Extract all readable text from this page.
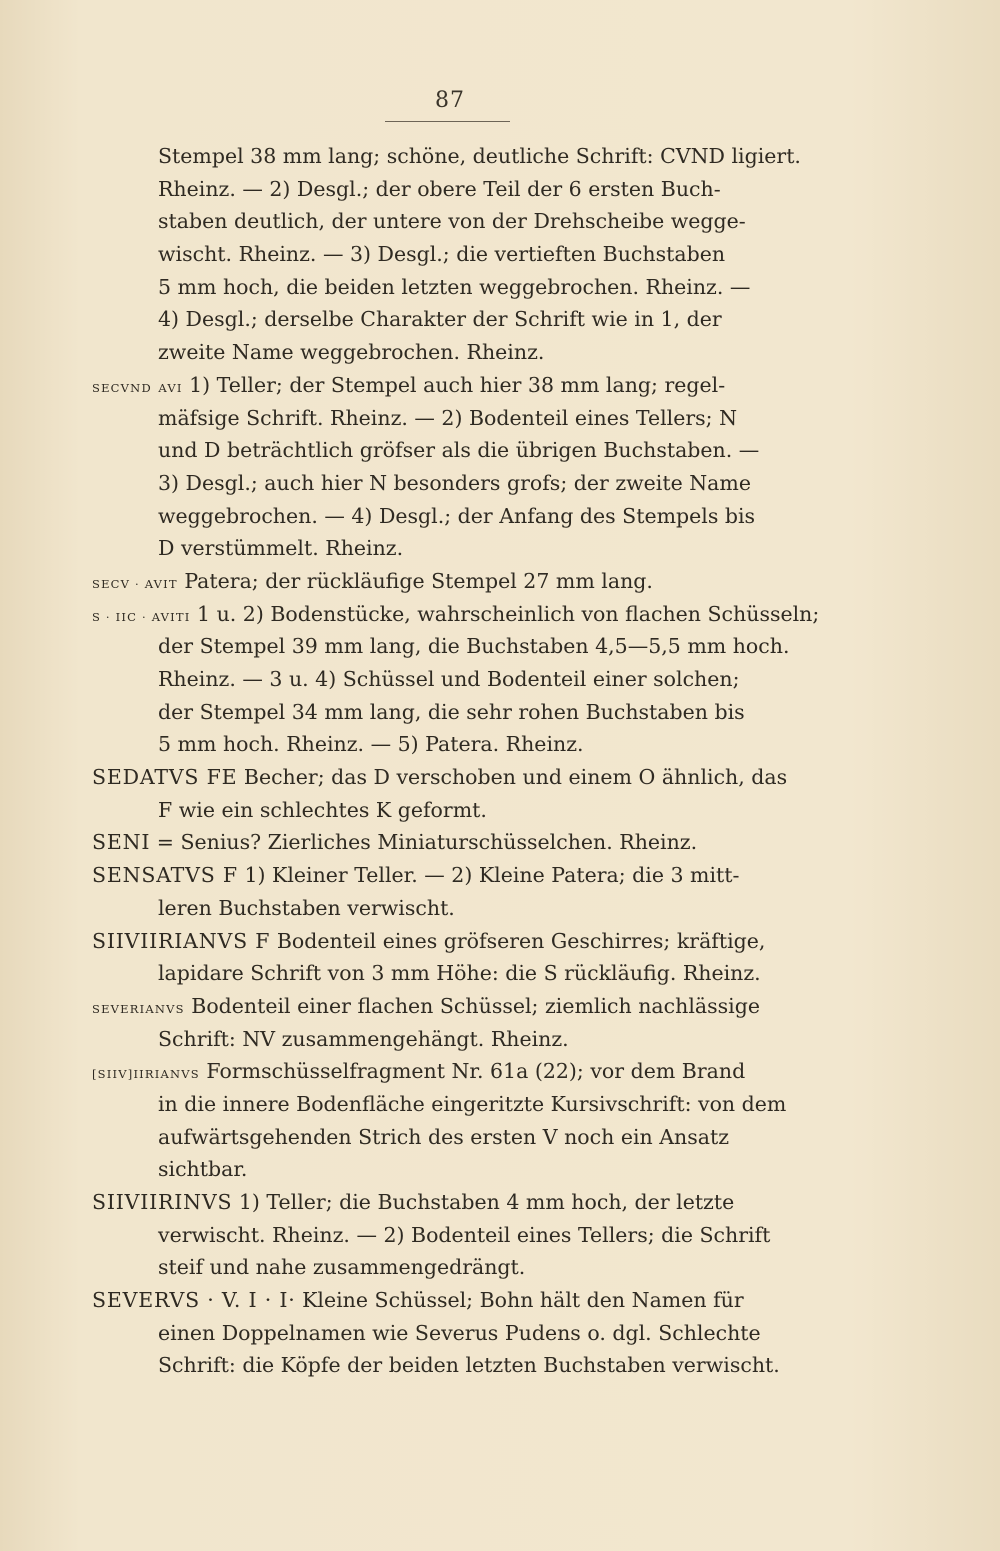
87
Stempel 38 mm lang; schöne, deutliche Schrift: CVND ligiert.
Rheinz. — 2) Desgl.; der obere Teil der 6 ersten Buch-
staben deutlich, der untere von der Drehscheibe wegge-
wischt. Rheinz. — 3) Desgl.; die vertieften Buchstaben
5 mm hoch, die beiden letzten weggebrochen. Rheinz. —
4) Desgl.; derselbe Charakter der Schrift wie in 1, der
zweite Name weggebrochen. Rheinz.
SECVND AVI 1) Teller; der Stempel auch hier 38 mm lang; regel-
mäfsige Schrift. Rheinz. — 2) Bodenteil eines Tellers; N
und D beträchtlich gröfser als die übrigen Buchstaben. —
3) Desgl.; auch hier N besonders grofs; der zweite Name
weggebrochen. — 4) Desgl.; der Anfang des Stempels bis
D verstümmelt. Rheinz.
SECV · AVIT Patera; der rückläufige Stempel 27 mm lang.
S · IIC · AVITI 1 u. 2) Bodenstücke, wahrscheinlich von flachen Schüsseln;
der Stempel 39 mm lang, die Buchstaben 4,5—5,5 mm hoch.
Rheinz. — 3 u. 4) Schüssel und Bodenteil einer solchen;
der Stempel 34 mm lang, die sehr rohen Buchstaben bis
5 mm hoch. Rheinz. — 5) Patera. Rheinz.
SEDATVS FE Becher; das D verschoben und einem O ähnlich, das
F wie ein schlechtes K geformt.
SENI = Senius? Zierliches Miniaturschüsselchen. Rheinz.
SENSATVS F 1) Kleiner Teller. — 2) Kleine Patera; die 3 mitt-
leren Buchstaben verwischt.
SIIVIIRIANVS F Bodenteil eines gröfseren Geschirres; kräftige,
lapidare Schrift von 3 mm Höhe: die S rückläufig. Rheinz.
SEVERIANVS Bodenteil einer flachen Schüssel; ziemlich nachlässige
Schrift: NV zusammengehängt. Rheinz.
[SIIV]IIRIANVS Formschüsselfragment Nr. 61a (22); vor dem Brand
in die innere Bodenfläche eingeritzte Kursivschrift: von dem
aufwärtsgehenden Strich des ersten V noch ein Ansatz
sichtbar.
SIIVIIRINVS 1) Teller; die Buchstaben 4 mm hoch, der letzte
verwischt. Rheinz. — 2) Bodenteil eines Tellers; die Schrift
steif und nahe zusammengedrängt.
SEVERVS · V. I · I· Kleine Schüssel; Bohn hält den Namen für
einen Doppelnamen wie Severus Pudens o. dgl. Schlechte
Schrift: die Köpfe der beiden letzten Buchstaben verwischt.
